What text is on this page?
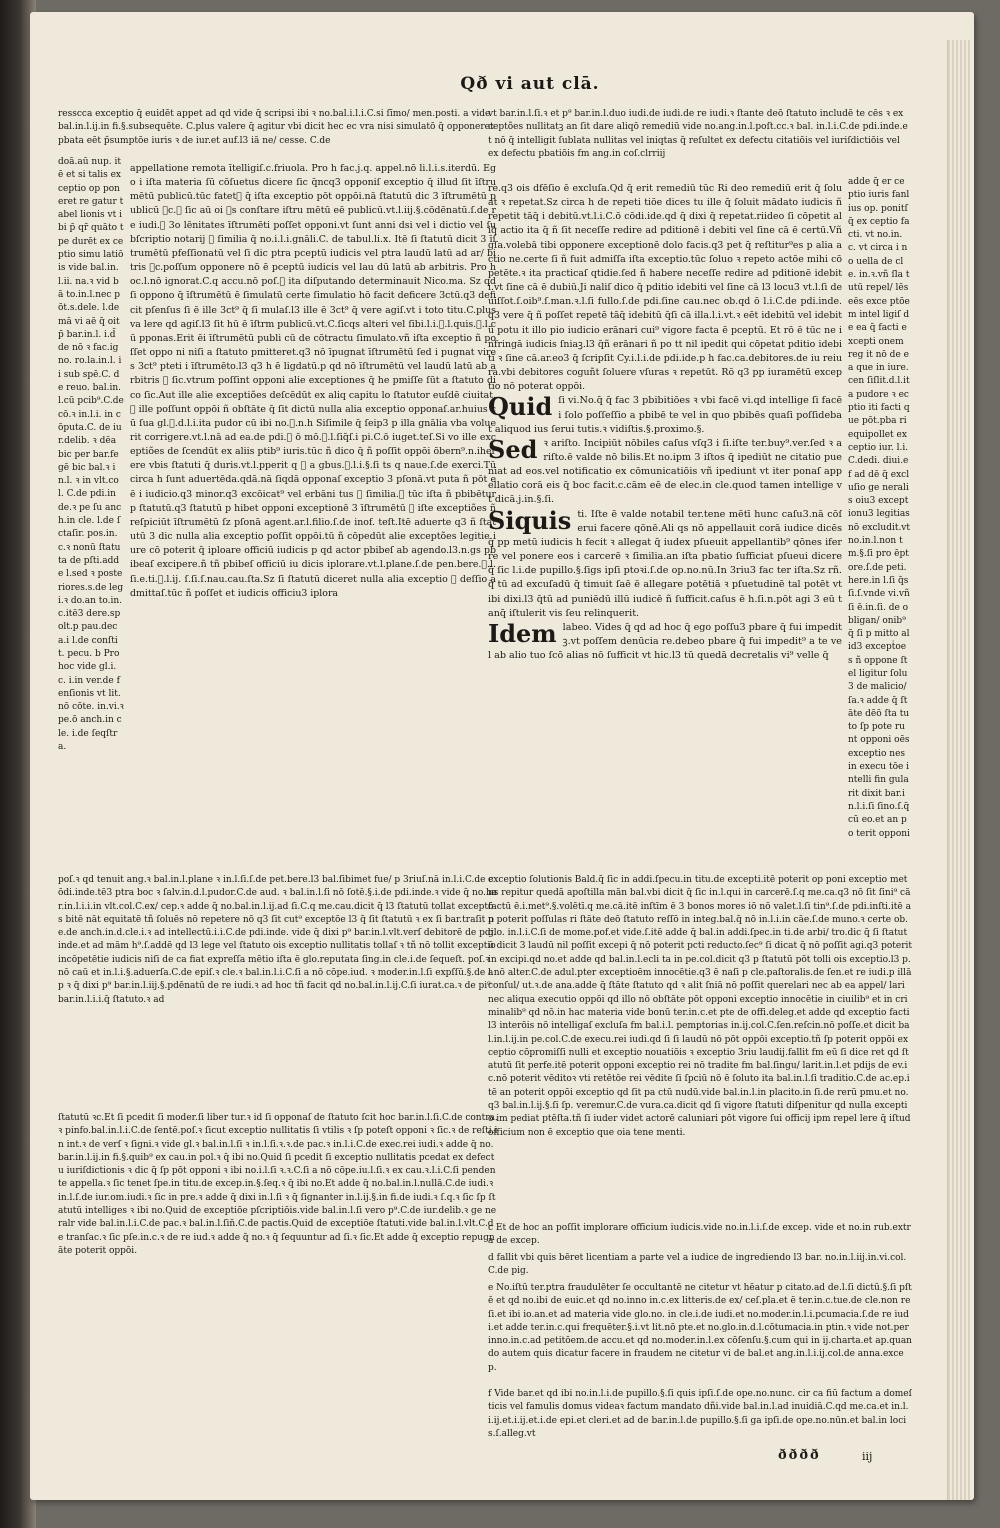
Qð vi aut clā.
resscca exceptio q̄ euidēt appet ad qd vide q̄ scripsi ibi ꝛ no.bal.i.l.i.C.si ſīmo/ men.posti. a vide bal.in.l.ij.in fi.§.subsequēte. C.plus valere q̄ agitur vbi dicit hec ec vra nisi simulatō q̄ opponeret pbata eēt p̄sumptōe iuris ꝛ de iur.et auf.l3 iā ne/ cesse. C.de
doā.aū nup. itē et si talis exceptio op poneret re gatur tabel lionis vt ibi p̄ qr̄ quāto tpe durēt ex ceptio simu latiōis vide bal.in.l.ii. na.ꝛ vid bā to.in.l.nec pōt.s.dele. l.de mā vi aē q̄ oit p̄ bar.in.l. i.d̄ de nō ꝛ fac.igno. ro.la.in.l. ii sub spē.C. de reuo. bal.in.l.cū pcib⁹.C.de cō.ꝛ in.l.i. in cōputa.C. de iur.delib. ꝛ dēa bic per bar.fegē bic bal.ꝛ in.l. ꝛ in vlt.col. C.de pdi.in de.ꝛ pe ſu anch.in cle. l.de ſctaſir. pos.in.c.ꝛ nonū ſtatuta de pſti.adde l.sed ꝛ poste riores.s.de legi.ꝛ do.an to.in.c.itē3 dere.spolt.p pau.deca.i l.de conſtit. pecu. b Pro hoc vide gl.i.c. i.in ver.de fenſionis vt lit.nō cōte. in.vi.ꝛ pe.ō anch.in cle. i.de ſeqſtra.
appellatione remota ītelligiſ.c.friuola. Pro h fac.j.q. appel.nō li.l.i.s.iterdū. Ego i iſta materia ſū cōſuetus dicere ſic q̄ncq3 opponiſ exceptio q̄ illud ſit īſtrumētū publicū.tūc fatetᷣ q̄ iſta exceptio pōt oppōi.nā ſtatutū dic 3 īſtrumētū publicū ꝛc.ꝛ ſic aū oi ꝛs conſtare iſtru mētū eē publicū.vt.l.iij.§.cōdēnatū.ſ.de re iudi.ꝛ 3o lēnitates īſtrumēti poſſet opponi.vt ſunt anni dsi vel i dictio vel ſubſcriptio notarij ꝛ ſimilia q̄ no.i.l.i.gnāli.C. de tabul.li.x. Itē ſi ſtatutū dicit 3 īſtrumētū pfeſſionatū vel ſi dic ptra pceptū iudicis vel ptra laudū latū ad ar/ bitris ꝛc.poſſum opponere nō ē pceptū iudicis vel lau dū latū ab arbitris. Pro hoc.l.nō ignorat.C.q accu.nō poſ.ꝛ ita diſputando determinauit Nico.ma. Sz qd ſi oppono q̄ īſtrumētū ē ſimulatū certe ſimulatio hō facit deficere 3ctū.q3 deficit pſenſus ſi ē ille 3ct⁹ q̄ ſi mulaſ.l3 ille ē 3ct⁹ q̄ vere agiſ.vt i toto titu.C.plus va lere qd agiſ.l3 ſit hū ē īſtrm publicū.vt.C.ſicqs alteri vel ſibi.l.i.ꝛ.l.quis.ꝛ.l.cū pponas.Erit ēi īſtrumētū publi cū de cōtractu ſimulato.vñ iſta exceptio ñ poſſet oppo ni niſi a ſtatuto pmitteret.q3 nō īpugnat īſtrumētū ſed i pugnat vires 3ct⁹ pteti i īſtrumēto.l3 q3 h ē ligdatū.p qd nō īſtrumētū vel laudū latū ab arbitris ꝛ ſic.vtrum poſſint opponi alie exceptiones q̄ he pmiſſe ſūt a ſtatuto dico ſic.Aut ille alie exceptiões deſcēdūt ex aliq capitu lo ſtatutor euſdē ciuitat.ꝛ ille poſſunt oppōi ñ obſtāte q̄ ſit dictū nulla alia exceptio opponaſ.ar.huius cū ſua gl.ꝛ.d.l.i.ita pudor cū ibi no.ꝛ.n.h Siſimile q̄ ſeip3 p illa gnālia vba voluerit corrigere.vt.l.nā ad ea.de pdi.ꝛ ō mō.ꝛ.l.ſiq̄ſ.i pi.C.ō iuget.teſ.Si vo ille exceptiões de ſcendūt ex aliis ptib⁹ iuris.tūc ñ dico q̄ ñ poſſit oppōi ōbern⁹.n.iherere vbis ſtatuti q̄ duris.vt.l.pperit q ꝛ a gbus.ꝛ.l.i.§.ſi ts q naue.ſ.de exerci.Tū circa h ſunt aduertēda.qdā.nā ſiqdā opponaſ exceptio 3 pſonā.vt puta ñ pōt eē i iudicio.q3 minor.q3 excōicat⁹ vel erbāni tus ꝛ ſimilia.ꝛ tūc iſta ñ pbibētur p ſtatutū.q3 ſtatutū p hibet opponi exceptionē 3 īſtrumētū ꝛ iſte exceptiões ñ reſpiciūt īſtrumētū ſz pſonā agent.ar.l.filio.ſ.de inof. teſt.Itē aduerte q3 ñ ſtatutū 3 dic nulla alia exceptio poſſit oppōi.tū ñ cōpedūt alie exceptões legitie iure cō poterit q̄ iploare officiū iudicis p qd actor pbibeſ ab agendo.l3.n.gs pbibeaſ excipere.ñ tñ pbibeſ officiū iu dicis iplorare.vt.l.plane.ſ.de pen.bere.ꝛ.l.ſi.e.ti.ꝛ.l.ij. ſ.ſi.ſ.nau.cau.ſta.Sz ſi ſtatutū diceret nulla alia exceptio ꝛ deſſio admittaſ.tūc ñ poſſet et iudicis officiu3 iplora
poſ.ꝛ qd tenuit ang.ꝛ bal.in.l.plane ꝛ in.l.ſi.ſ.de pet.bere.l3 bal.ſibimet fue/ p 3riuſ.nā in.l.i.C.de cōdi.inde.tē3 ptra boc ꝛ ſalv.in.d.l.pudor.C.de aud. ꝛ bal.in.l.ſi nō ſotē.§.i.de pdi.inde.ꝛ vide q̄ no.bar.in.l.i.i.in vlt.col.C.ex/ cep.ꝛ adde q̄ no.bal.in.l.ij.ad ſi.C.q me.cau.dicit q̄ l3 ſtatutū tollat exceptōs bitē nāt equitatē tñ ſoluēs nō repetere nō q3 ſit cut⁹ exceptōe l3 q̄ ſit ſtatutū ꝛ ex ſi bar.traſit pe.de anch.in.d.cle.i.ꝛ ad intellectū.i.i.C.de pdi.inde. vide q̄ dixi p⁹ bar.in.l.vlt.verſ debitorē de pdi.inde.et ad mām h⁹.ſ.addē qd l3 lege vel ſtatuto ois exceptio nullitatis tollaſ ꝛ tñ nō tollit exceptio incōpetētie iudicis niſi de ca fiat expreſſa mētio iſta ē glo.reputata ſing.in cle.i.de ſequeſt. poſ.ꝛ nō caū et in.l.i.§.aduerſa.C.de epiſ.ꝛ cle.ꝛ bal.in.l.i.C.ſi a nō cōpe.iud. ꝛ moder.in.l.ſi expſſū.§.de ap ꝛ q̄ dixi p⁹ bar.in.l.iij.§.pdēnatū de re iudi.ꝛ ad hoc tñ facit qd no.bal.in.l.ij.C.ſi iurat.ca.ꝛ de pi⁹ bar.in.l.i.i.q̄ ſtatuto.ꝛ ad
ſtatutū ꝛc.Et ſi pcedit ſi moder.ſi liber tur.ꝛ id ſi opponaſ de ſtatuto ſcit hoc bar.in.l.ſi.C.de contra.ꝛ pinfo.bal.in.l.i.C.de ſentē.poſ.ꝛ ſicut exceptio nullitatis ſi vtilis ꝛ ſp poteſt opponi ꝛ ſic.ꝛ de reſti.in int.ꝛ de verſ ꝛ ſigni.ꝛ vide gl.ꝛ bal.in.l.ſi ꝛ in.l.ſi.ꝛ.ꝛ.de pac.ꝛ in.l.i.C.de exec.rei iudi.ꝛ adde q̄ no.bar.in.l.ij.in fi.§.quib⁹ ex cau.in pol.ꝛ q̄ ibi no.Quid ſi pcedit ſi exceptio nullitatis pcedat ex defectu iuriſdictionis ꝛ dic q̄ ſp pōt opponi ꝛ ibi no.i.l.ſi ꝛ.ꝛ.C.ſi a nō cōpe.iu.l.ſi.ꝛ ex cau.ꝛ.l.i.C.ſi pendente appella.ꝛ ſic tenet ſpe.in titu.de excep.in.§.ſeq.ꝛ q̄ ibi no.Et adde q̄ no.bal.in.l.nullā.C.de iudi.ꝛ in.l.ſ.de iur.om.iudi.ꝛ ſic in pre.ꝛ adde q̄ dixi in.l.ſi ꝛ q̄ ſignanter in.l.ij.§.in fi.de iudi.ꝛ ſ.q.ꝛ ſic ſp ſtatutū intelliges ꝛ ibi no.Quid de exceptiōe pſcriptiōis.vide bal.in.l.ſi vero p⁹.C.de iur.delib.ꝛ ge neralr vide bal.in.l.i.C.de pac.ꝛ bal.in.l.ſin̄.C.de pactis.Quid de exceptiōe ſtatuti.vide bal.in.l.vlt.C.de tranſac.ꝛ ſic pſe.in.c.ꝛ de re iud.ꝛ adde q̄ no.ꝛ q̄ ſequuntur ad ſi.ꝛ ſic.Et adde q̄ exceptio repugnāte poterit oppōi.
vt bar.in.l.ſi.ꝛ et p⁹ bar.in.l.duo iudi.de iudi.de re iudi.ꝛ ſtante deō ſtatuto includē te cēs ꝛ exceptões nullitatꝫ an ſit dare aliqō remediū vide no.ang.in.l.poſt.cc.ꝛ bal. in.l.i.C.de pdi.inde.et nō q̄ intelligit ſublata nullitas vel iniqtas q̄ reſultet ex defectu citatiōis vel iuriſdictiōis vel ex defectu pbatiōis fm ang.in coſ.clrriij

re.q3 ois dfēſio ē excluſa.Qd q̄ erit remediū tūc Ri deo remediū erit q̄ ſoluat ꝛ repetat.Sz circa h de repeti tiōe dices tu ille q̄ ſoluit mādato iudicis ñ repetit tāq̄ i debitū.vt.l.i.C.ō cōdi.ide.qd q̄ dixi q̄ repetat.riideo ſi cōpetit aliq̄ actio ita q̄ ñ ſit neceſſe redire ad pditionē i debiti vel ſine cā ē certū.Vñ gſa.volebā tibi opponere exceptionē dolo facis.q3 pet q̄ reſtitur⁹es p alia actio ne.certe ſi ñ fuit admiſſa iſta exceptio.tūc ſoluo ꝛ repeto actōe mihi cōpetēte.ꝛ ita practicaſ qtidie.ſed ñ habere neceſſe redire ad pditionē idebiti.vt ſine cā ē dubiū.Ji naliſ dico q̄ pditio idebiti vel ſine cā l3 locu3 vt.l.ſi deuiſſot.ſ.oib⁹.ſ.man.ꝛ.l.ſi fullo.ſ.de pdi.ſine cau.nec ob.qd ō l.i.C.de pdi.inde.q3 vere q̄ ñ poſſet repetē tāq̄ idebitū q̄ſi cā illa.l.i.vt.ꝛ eēt idebitū vel idebitū potu it illo pio iudicio erānari cui⁹ vigore facta ē pceptū. Et rō ē tūc ne infringā iudicis ſniaꝫ.l3 q̄ñ erānari ñ po tt nil ipedit qui cōpetat pditio idebiti ꝛ ſine cā.ar.eo3 q̄ ſcripſit Cy.i.l.i.de pdi.ide.p h fac.ca.debitores.de iu reiura.vbi debitores coguñt ſoluere vſuras ꝛ repetūt. Rō q3 pp iuramētū exceptio nō poterat oppōi.

Quid ſi vi.No.q̄ q̄ fac 3 pbibitiōes ꝛ vbi facē vi.qd intellige ſi facē i ſolo poſſeſſio a pbibē te vel in quo pbibēs quaſi poſſidebat aliquod ius ſerui tutis.ꝛ vidiſtis.§.proximo.§.

Sed ꝛ ariſto. Incipiūt nōbiles caſus vſq3 i ſi.iſte ter.buy⁹.ver.ſed ꝛ ariſto.ē valde nō bilis.Et no.ipm 3 iſtos q̄ ipediūt ne citatio pueniat ad eos.vel notificatio ex cōmunicatiōis vñ ipediunt vt iter ponaſ appellatio corā eis q̄ boc facit.c.cām eē de elec.in cle.quod tamen intellige vt dicā.j.in.§.ſi.

Siquis ti. Iſte ē valde notabil ter.tene mētī hunc caſu3.nā cōſerui facere qōnē.Ali qs nō appellauit corā iudice dicēs q̄ pp metū iudicis h fecit ꝛ allegat q̄ iudex pſueuit appellantib⁹ qōnes iferre vel ponere eos i carcerē ꝛ ſimilia.an iſta pbatio ſufficiat pſueui dicere q̄ ſic l.i.de pupillo.§.ſigs ipſi ptoꝛi.ſ.de op.no.nū.In 3riu3 fac ter iſta.Sz rñ.q̄ tū ad excuſadū q̄ timuit ſaē ē allegare potētiā ꝛ pſuetudinē tal potēt vt ibi dixi.l3 q̄tū ad puniēdū illū iudicē ñ ſufficit.caſus ē h.ſi.n.pōt agi 3 eū tanq̄ iſtulerit vis ſeu relinquerit.

Idem labeo. Vides q̄ qd ad hoc q̄ ego poſſu3 pbare q̄ fui impeditꝫ.vt poſſem denūcia re.debeo pbare q̄ fui impedit⁹ a te vel ab alio tuo ſcō alias nō ſufficit vt hic.l3 tū quedā decretalis vi⁹ velle q̄

adde q̄ er ceptio iuris fanlius op. ponitſ q̄ ex ceptio facti. vt no.in.c. vt circa i no uella de cle. in.ꝛ.vñ ſla tutū repel/ lēs eēs exce ptōem intel ligiſ de ea q̄ facti excepti onem reg it nō de ea que in iure.cen ſiſlit.d.l.ita pudore ꝛ ec ptio iti facti que pōt.pba ri equipollet exceptio iur. l.i.C.dedi. diui.ef ad dē q̄ excluſio ge neralis oiu3 exceptionu3 legitias nō excludit.vt no.in.l.non tm.§.ſi pro ēptore.ſ.de peti.here.in l.ſi q̄s ſi.ſ.vnde vi.vñ ſi ē.in.ſi. de obligan/ onib⁹ q̄ ſi p mitto alid3 excepṫoes ñ oppone ſtel ligitur ſolu3 de malicio/ ſa.ꝛ adde q̄ ſtāte dēō ſta tuto ſp pote runt opponi oēs exceptio nes in execu tōe intelli fin gularit dixit bar.in.l.i.ſi ſino.ſ.q̄ cū eo.et an po terit opponi
exceptio ſolutionis Bald.q̄ ſic in addi.ſpecu.in titu.de excepti.itē poterit op poni exceptio metus repitur quedā apoſtilla mān bal.vbi dicit q̄ ſic in.l.qui in carcerē.ſ.q me.ca.q3 nō ſit ſini⁹ cā factū ē.i.met⁹.§.volētī.q me.cā.itē inſtīm ē 3 bonos mores iō nō valet.l.ſi tin⁹.ſ.de pdi.inſti.itē an poterit poſſulas ri ſtāte deō ſtatuto reſſō in integ.bal.q̄ nō in.l.i.in cāe.ſ.de muno.ꝛ certe ob.glo. in.l.i.C.ſi de mome.pof.et vide.ſ.itē adde q̄ bal.in addi.ſpec.in ti.de arbi/ tro.dic q̄ ſi ſtatutū dicit 3 laudū nil poſſit excepi q̄ nō poterit pcti reducto.ſec⁹ ſi dicat q̄ nō poſſit agi.q3 poterit in excipi.qd no.et adde qd bal.in.l.ecli ta in pe.col.dicit q3 p ſtatutū pōt tolli ois exceptio.l3 p.l.nō alter.C.de adul.pter exceptioēm innocētie.q3 ē naſi p cle.paſtoralis.de ſen.et re iudi.p illā conſul/ ut.ꝛ.de ana.adde q̄ ſtāte ſtatuto qd ꝛ alit ſniā nō poſſit querelari nec ab ea appel/ lari nec aliqua executio oppōi qd illo nō obſtāte pōt opponi exceptio innocētie in ciuilib⁹ et in criminalib⁹ qd nō.in hac materia vide bonū ter.in.c.et pte de offi.deleg.et adde qd exceptio facti l3 interōis nō intelligaſ excluſa fm bal.i.l. pemptorias in.ij.col.C.ſen.reſcin.nō poſſe.et dicit bal.in.l.ij.in pe.col.C.de execu.rei iudi.qd ſi ſi laudū nō pōt oppōi exceptio.tñ ſp poterit oppōi exceptio cōpromiſſi nulli et exceptio nouatiōis ꝛ exceptio 3riu laudij.fallit fm eū ſi dice ret qd ſtatutū ſit perfe.itē poterit opponi exceptio rei nō tradite fm bal.ſingu/ larit.in.l.et pdijs de ev.ic.nō poterit vēditoꝛ vti retētōe rei vēdite ſi ſpciū nō ē ſoluto ita bal.in.l.ſi traditio.C.de ac.ep.itē an poterit oppōi exceptio qd ſit pa ctū nudū.vide bal.in.l.in placito.in ſi.de rerū pmu.et no.q3 bal.in.l.ij.§.ſi ſp. veremur.C.de vura.ca.dicit qd ſi vigore ſtatuti diſpenitur qd nulla exceptio im pediat ptēſta.tñ ſi iuder videt actorē caluniari pōt vigore ſui officij ipm repel lere q̄ iſtud officium non ē exceptio que oia tene menti.
c Et de hoc an poſſit implorare officium iudicis.vide no.in.l.i.ſ.de excep. vide et no.in rub.extra de excep.
d fallit vbi quis bēret licentiam a parte vel a iudice de ingrediendo l3 bar. no.in.l.iij.in.vi.col.C.de pig.
e No.iſtū ter.ptra fraudulēter ſe occultantē ne citetur vt hēatur p citato.ad de.l.ſi dictū.§.ſi pſtē et qd no.ibi de euic.et qd no.inno in.c.ex litteris.de ex/ ceſ.pla.et ē ter.in.c.tue.de cle.non reſi.et ibi io.an.et ad materia vide glo.no. in cle.i.de iudi.et no.moder.in.l.i.pcumacia.ſ.de re iudi.et adde ter.in.c.qui frequēter.§.i.vt lit.nō pte.et no.glo.in.d.l.cōtumacia.in ptin.ꝛ vide not.per inno.in.c.ad petitōem.de accu.et qd no.moder.in.l.ex cōſenſu.§.cum qui in ij.charta.et ap.quando autem quis dicatur facere in fraudem ne citetur vi de bal.et ang.in.l.i.ij.col.de anna.excep.
f Vide bar.et qd ibi no.in.l.i.de pupillo.§.ſi quis ipſi.ſ.de ope.no.nunc. cir ca fiū factum a domeſticis vel famulis domus videaꝛ factum mandato dñi.vide bal.in.l.ad inuidiā.C.qd me.ca.et in.l.i.ij.et.i.ij.et.i.de epi.et cleri.et ad de bar.in.l.de pupillo.§.ſi ga ipſi.de ope.no.nūn.et bal.in locis.ſ.alleg.vt
ðððð	iij
